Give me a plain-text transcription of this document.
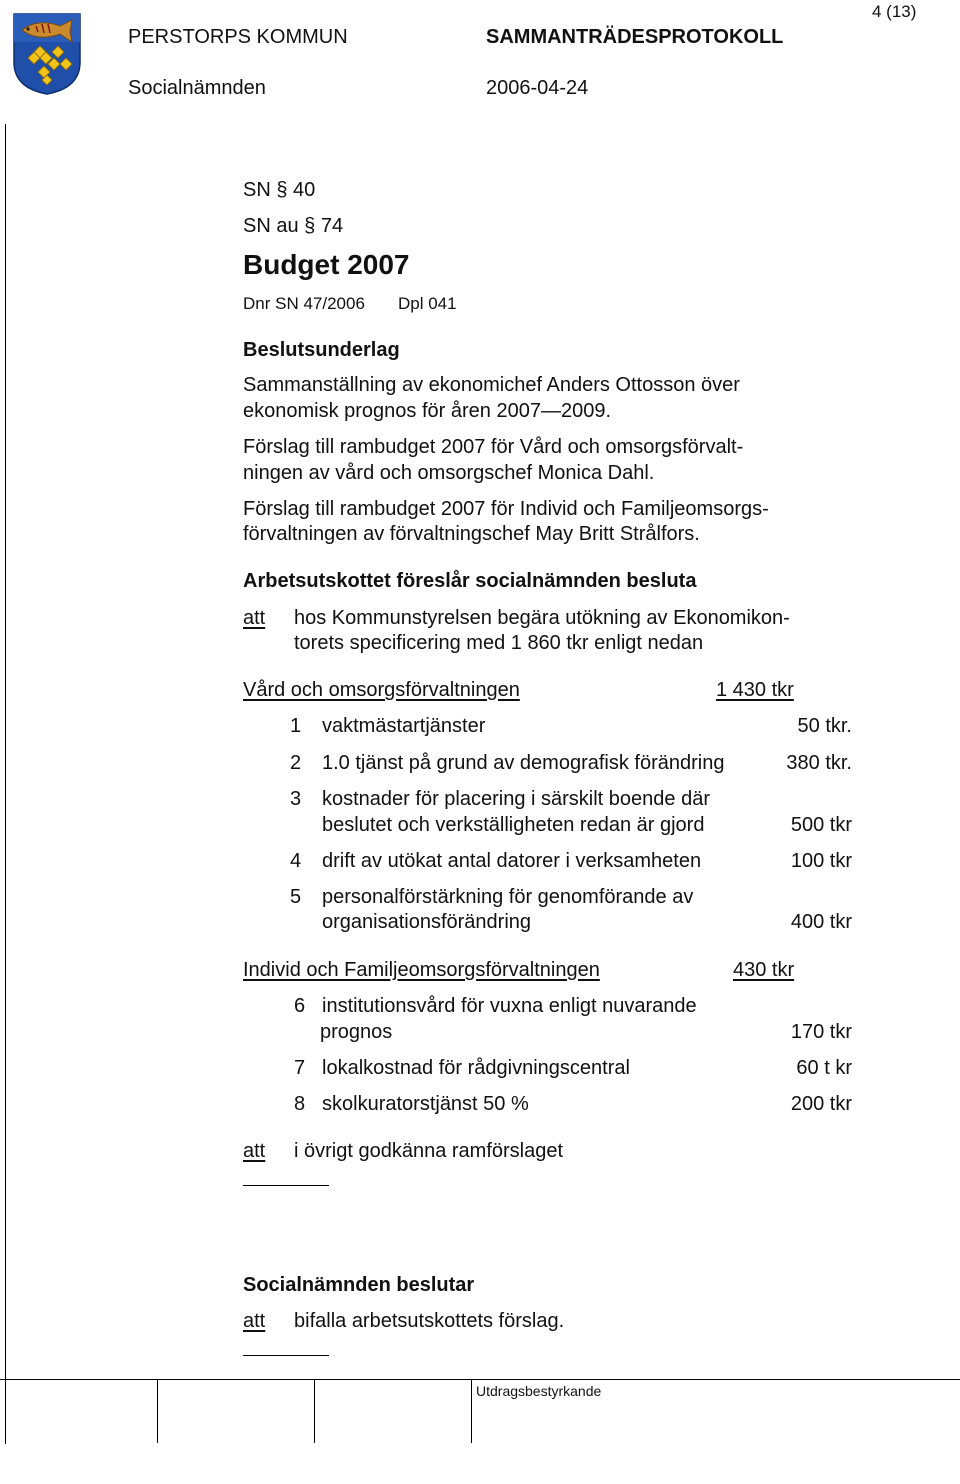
4 (13)
PERSTORPS KOMMUN	SAMMANTRÄDESPROTOKOLL
Socialnämnden	2006-04-24
SN § 40
SN au § 74
Budget 2007
Dnr SN 47/2006 Dpl 041
Beslutsunderlag
Sammanställning av ekonomichef Anders Ottosson över
ekonomisk prognos för åren 2007—2009.
Förslag till rambudget 2007 för Vård och omsorgsförvalt-
ningen av vård och omsorgschef Monica Dahl.
Förslag till rambudget 2007 för Individ och Familjeomsorgs-
förvaltningen av förvaltningschef May Britt Strålfors.
Arbetsutskottet föreslår socialnämnden besluta
att hos Kommunstyrelsen begära utökning av Ekonomikon-
torets specificering med 1 860 tkr enligt nedan
Vård och omsorgsförvaltningen	1 430 tkr
1 vaktmästartjänster	50 tkr.
2 1.0 tjänst på grund av demografisk förändring	380 tkr.
3 kostnader för placering i särskilt boende där
beslutet och verkställigheten redan är gjord	500 tkr
4 drift av utökat antal datorer i verksamheten	100 tkr
5 personalförstärkning för genomförande av
organisationsförändring	400 tkr
Individ och Familjeomsorgsförvaltningen	430 tkr
6 institutionsvård för vuxna enligt nuvarande
prognos	170 tkr
7 lokalkostnad för rådgivningscentral	60 t kr
8 skolkuratorstjänst 50 %	200 tkr
att i övrigt godkänna ramförslaget
Socialnämnden beslutar
att bifalla arbetsutskottets förslag.
Utdragsbestyrkande
